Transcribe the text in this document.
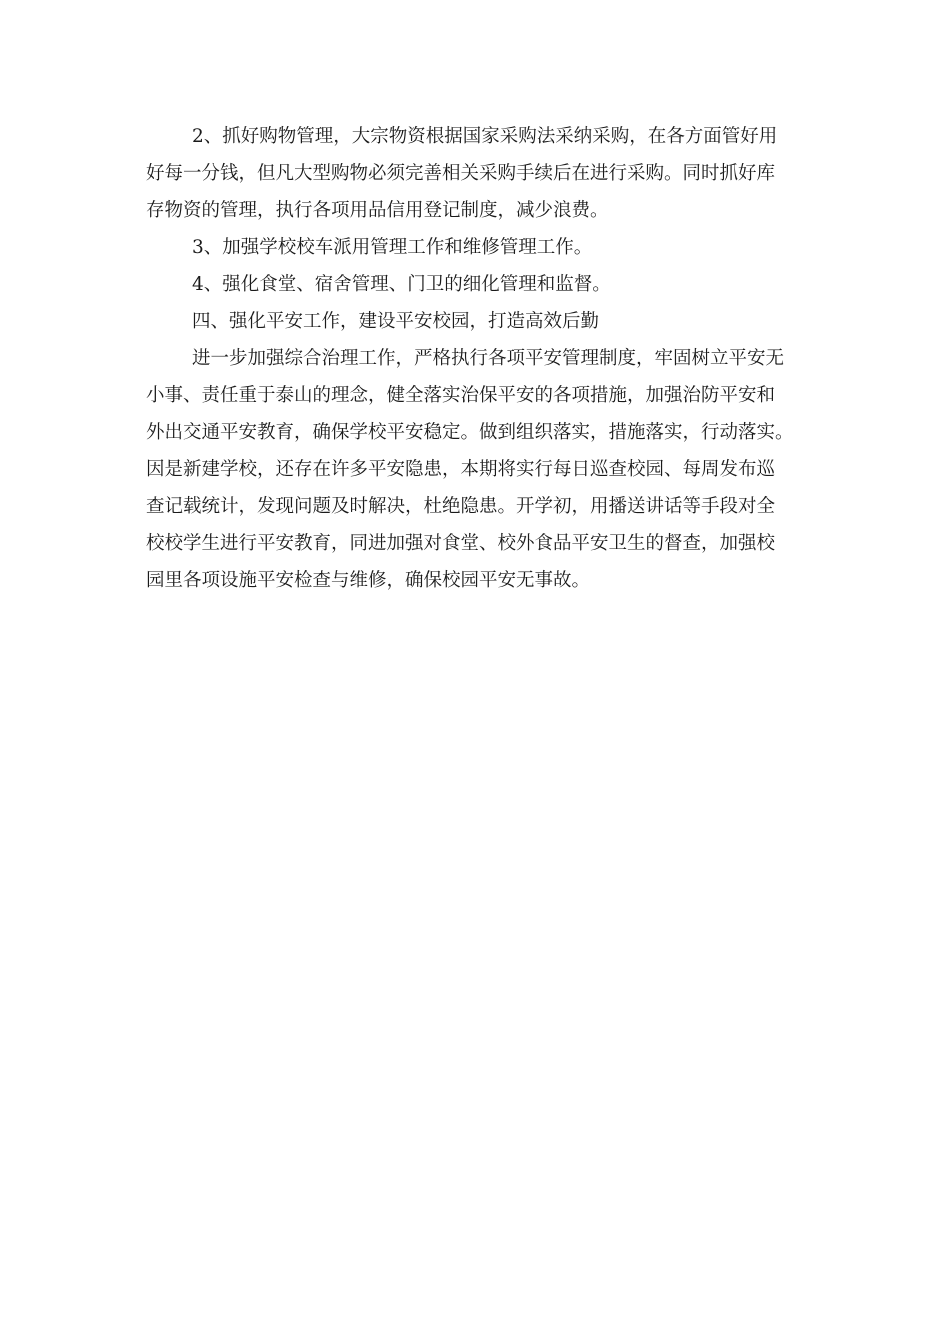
2、抓好购物管理，大宗物资根据国家采购法采纳采购，在各方面管好用
好每一分钱，但凡大型购物必须完善相关采购手续后在进行采购。同时抓好库
存物资的管理，执行各项用品信用登记制度，减少浪费。
3、加强学校校车派用管理工作和维修管理工作。
4、强化食堂、宿舍管理、门卫的细化管理和监督。
四、强化平安工作，建设平安校园，打造高效后勤
进一步加强综合治理工作，严格执行各项平安管理制度，牢固树立平安无
小事、责任重于泰山的理念，健全落实治保平安的各项措施，加强治防平安和
外出交通平安教育，确保学校平安稳定。做到组织落实，措施落实，行动落实。
因是新建学校，还存在许多平安隐患，本期将实行每日巡查校园、每周发布巡
查记载统计，发现问题及时解决，杜绝隐患。开学初，用播送讲话等手段对全
校校学生进行平安教育，同进加强对食堂、校外食品平安卫生的督查，加强校
园里各项设施平安检查与维修，确保校园平安无事故。
